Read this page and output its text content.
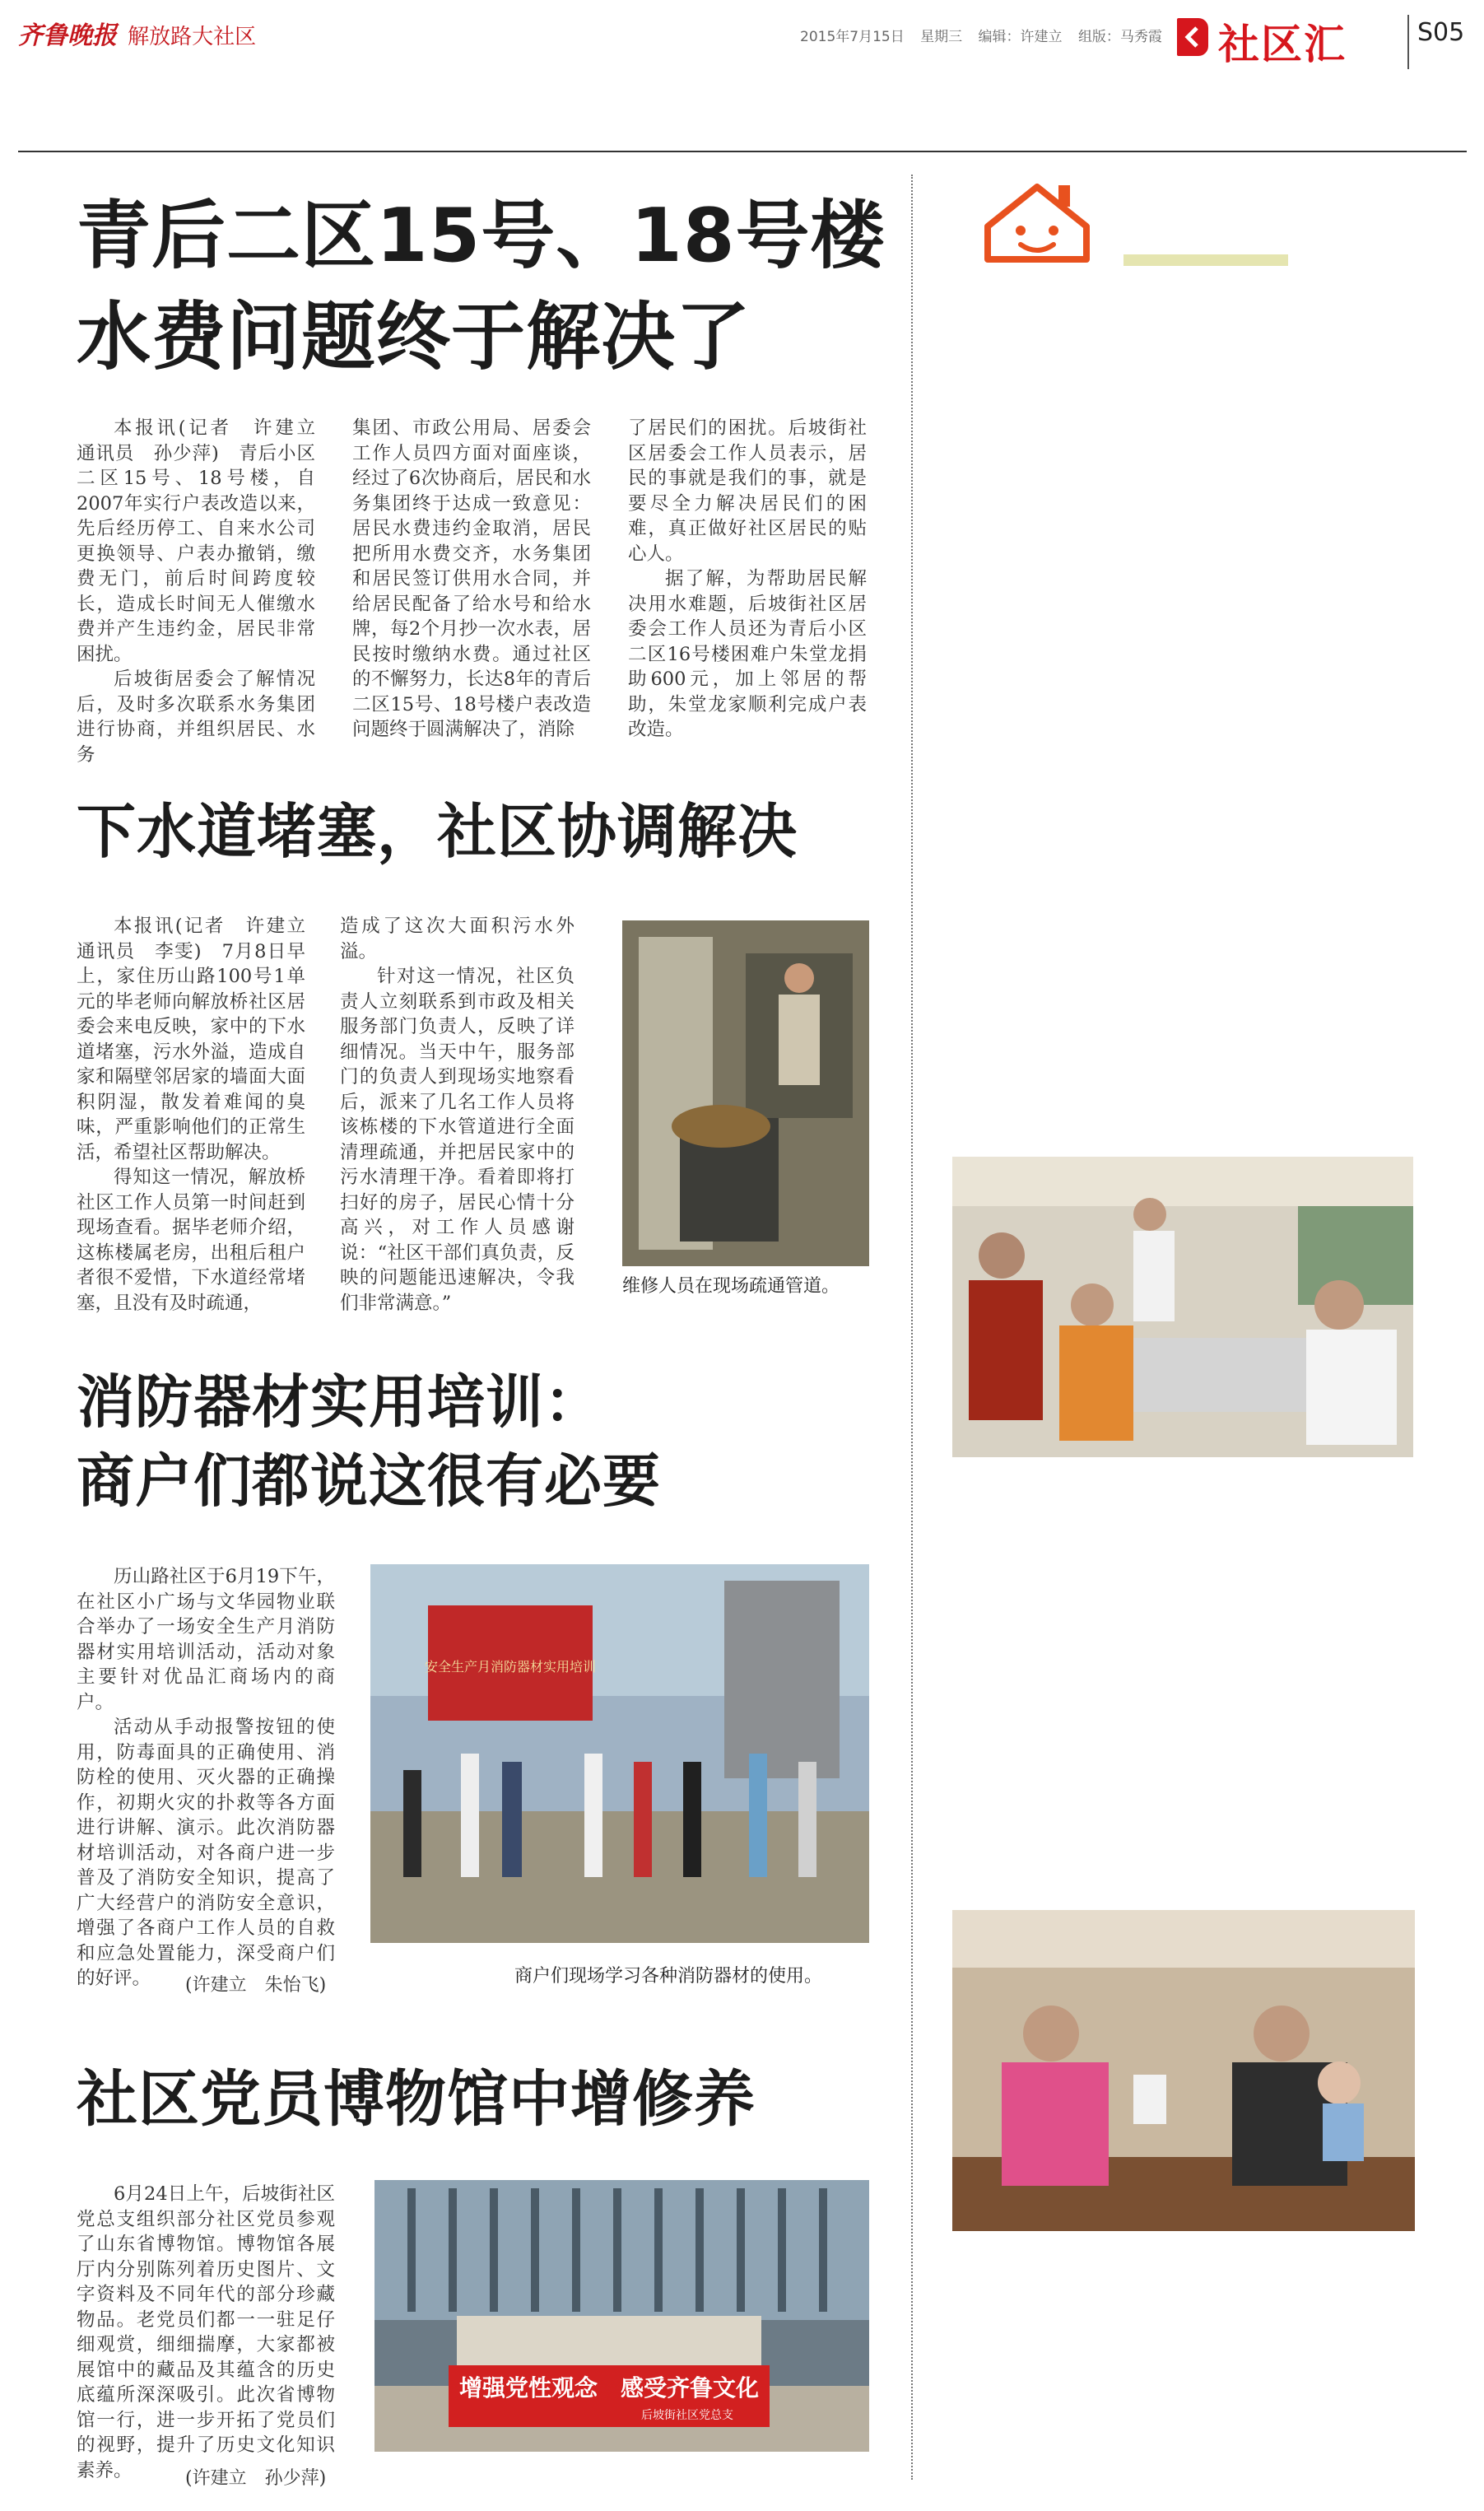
齐鲁晚报 解放路大社区	2015年7月15日 星期三 编辑：许建立 组版：马秀霞 社区汇	S05
青后二区15号、18号楼
水费问题终于解决了

本报讯(记者　许建立　通讯员　孙少萍)　青后小区二区15号、18号楼，自2007年实行户表改造以来，先后经历停工、自来水公司更换领导、户表办撤销，缴费无门，前后时间跨度较长，造成长时间无人催缴水费并产生违约金，居民非常困扰。

后坡街居委会了解情况后，及时多次联系水务集团进行协商，并组织居民、水务

集团、市政公用局、居委会工作人员四方面对面座谈，经过了6次协商后，居民和水务集团终于达成一致意见：居民水费违约金取消，居民把所用水费交齐，水务集团和居民签订供用水合同，并给居民配备了给水号和给水牌，每2个月抄一次水表，居民按时缴纳水费。通过社区的不懈努力，长达8年的青后二区15号、18号楼户表改造问题终于圆满解决了，消除

了居民们的困扰。后坡街社区居委会工作人员表示，居民的事就是我们的事，就是要尽全力解决居民们的困难，真正做好社区居民的贴心人。

据了解，为帮助居民解决用水难题，后坡街社区居委会工作人员还为青后小区二区16号楼困难户朱堂龙捐助600元，加上邻居的帮助，朱堂龙家顺利完成户表改造。

下水道堵塞，社区协调解决

本报讯(记者　许建立　通讯员　李雯)　7月8日早上，家住历山路100号1单元的毕老师向解放桥社区居委会来电反映，家中的下水道堵塞，污水外溢，造成自家和隔壁邻居家的墙面大面积阴湿，散发着难闻的臭味，严重影响他们的正常生活，希望社区帮助解决。

得知这一情况，解放桥社区工作人员第一时间赶到现场查看。据毕老师介绍，这栋楼属老房，出租后租户者很不爱惜，下水道经常堵塞，且没有及时疏通，

造成了这次大面积污水外溢。

针对这一情况，社区负责人立刻联系到市政及相关服务部门负责人，反映了详细情况。当天中午，服务部门的负责人到现场实地察看后，派来了几名工作人员将该栋楼的下水管道进行全面清理疏通，并把居民家中的污水清理干净。看着即将打扫好的房子，居民心情十分高兴，对工作人员感谢说：“社区干部们真负责，反映的问题能迅速解决，令我们非常满意。”

维修人员在现场疏通管道。
消防器材实用培训：
商户们都说这很有必要

历山路社区于6月19下午，在社区小广场与文华园物业联合举办了一场安全生产月消防器材实用培训活动，活动对象主要针对优品汇商场内的商户。

活动从手动报警按钮的使用，防毒面具的正确使用、消防栓的使用、灭火器的正确操作，初期火灾的扑救等各方面进行讲解、演示。此次消防器材培训活动，对各商户进一步普及了消防安全知识，提高了广大经营户的消防安全意识，增强了各商户工作人员的自救和应急处置能力，深受商户们的好评。	(许建立　朱怡飞)
安全生产月消防器材实用培训
商户们现场学习各种消防器材的使用。
社区党员博物馆中增修养

6月24日上午，后坡街社区党总支组织部分社区党员参观了山东省博物馆。博物馆各展厅内分别陈列着历史图片、文字资料及不同年代的部分珍藏物品。老党员们都一一驻足仔细观赏，细细揣摩，大家都被展馆中的藏品及其蕴含的历史底蕴所深深吸引。此次省博物馆一行，进一步开拓了党员们的视野，提升了历史文化知识素养。	(许建立　孙少萍)
增强党性观念　感受齐鲁文化
后坡街社区党总支
